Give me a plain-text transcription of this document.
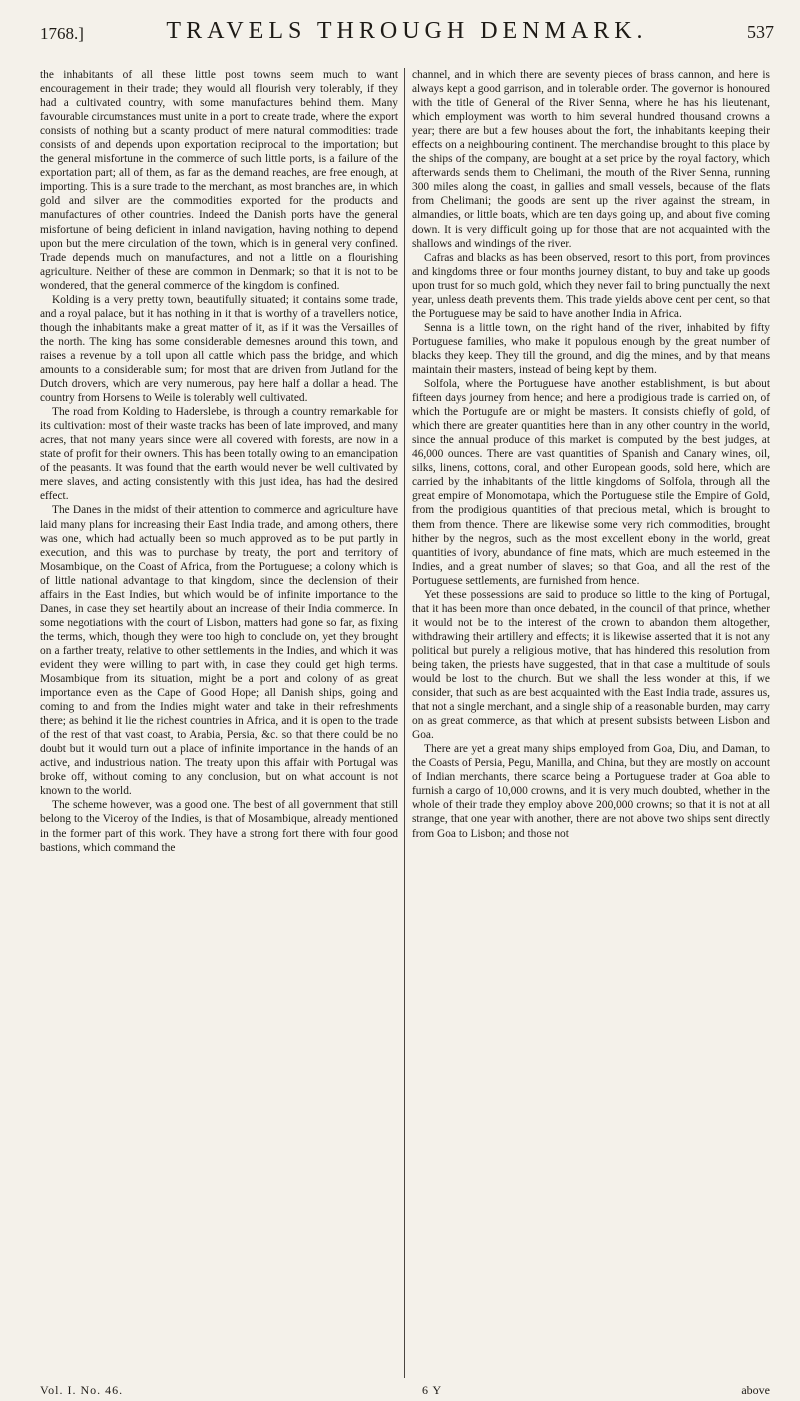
1768.]	TRAVELS THROUGH DENMARK.	537

the inhabitants of all these little post towns seem much to want encouragement in their trade; they would all flourish very tolerably, if they had a cultivated country, with some manufactures behind them. Many favourable circumstances must unite in a port to create trade, where the export consists of nothing but a scanty product of mere natural commodities: trade consists of and depends upon exportation reciprocal to the importation; but the general misfortune in the commerce of such little ports, is a failure of the exportation part; all of them, as far as the demand reaches, are free enough, at importing. This is a sure trade to the merchant, as most branches are, in which gold and silver are the commodities exported for the products and manufactures of other countries. Indeed the Danish ports have the general misfortune of being deficient in inland navigation, having nothing to depend upon but the mere circulation of the town, which is in general very confined. Trade depends much on manufactures, and not a little on a flourishing agriculture. Neither of these are common in Denmark; so that it is not to be wondered, that the general commerce of the kingdom is confined.

Kolding is a very pretty town, beautifully situated; it contains some trade, and a royal palace, but it has nothing in it that is worthy of a travellers notice, though the inhabitants make a great matter of it, as if it was the Versailles of the north. The king has some considerable demesnes around this town, and raises a revenue by a toll upon all cattle which pass the bridge, and which amounts to a considerable sum; for most that are driven from Jutland for the Dutch drovers, which are very numerous, pay here half a dollar a head. The country from Horsens to Weile is tolerably well cultivated.

The road from Kolding to Haderslebe, is through a country remarkable for its cultivation: most of their waste tracks has been of late improved, and many acres, that not many years since were all covered with forests, are now in a state of profit for their owners. This has been totally owing to an emancipation of the peasants. It was found that the earth would never be well cultivated by mere slaves, and acting consistently with this just idea, has had the desired effect.

The Danes in the midst of their attention to commerce and agriculture have laid many plans for increasing their East India trade, and among others, there was one, which had actually been so much approved as to be put partly in execution, and this was to purchase by treaty, the port and territory of Mosambique, on the Coast of Africa, from the Portuguese; a colony which is of little national advantage to that kingdom, since the declension of their affairs in the East Indies, but which would be of infinite importance to the Danes, in case they set heartily about an increase of their India commerce. In some negotiations with the court of Lisbon, matters had gone so far, as fixing the terms, which, though they were too high to conclude on, yet they brought on a farther treaty, relative to other settlements in the Indies, and which it was evident they were willing to part with, in case they could get high terms. Mosambique from its situation, might be a port and colony of as great importance even as the Cape of Good Hope; all Danish ships, going and coming to and from the Indies might water and take in their refreshments there; as behind it lie the richest countries in Africa, and it is open to the trade of the rest of that vast coast, to Arabia, Persia, &c. so that there could be no doubt but it would turn out a place of infinite importance in the hands of an active, and industrious nation. The treaty upon this affair with Portugal was broke off, without coming to any conclusion, but on what account is not known to the world.

The scheme however, was a good one. The best of all government that still belong to the Viceroy of the Indies, is that of Mosambique, already mentioned in the former part of this work. They have a strong fort there with four good bastions, which command the

channel, and in which there are seventy pieces of brass cannon, and here is always kept a good garrison, and in tolerable order. The governor is honoured with the title of General of the River Senna, where he has his lieutenant, which employment was worth to him several hundred thousand crowns a year; there are but a few houses about the fort, the inhabitants keeping their effects on a neighbouring continent. The merchandise brought to this place by the ships of the company, are bought at a set price by the royal factory, which afterwards sends them to Chelimani, the mouth of the River Senna, running 300 miles along the coast, in gallies and small vessels, because of the flats from Chelimani; the goods are sent up the river against the stream, in almandies, or little boats, which are ten days going up, and about five coming down. It is very difficult going up for those that are not acquainted with the shallows and windings of the river.

Cafras and blacks as has been observed, resort to this port, from provinces and kingdoms three or four months journey distant, to buy and take up goods upon trust for so much gold, which they never fail to bring punctually the next year, unless death prevents them. This trade yields above cent per cent, so that the Portuguese may be said to have another India in Africa.

Senna is a little town, on the right hand of the river, inhabited by fifty Portuguese families, who make it populous enough by the great number of blacks they keep. They till the ground, and dig the mines, and by that means maintain their masters, instead of being kept by them.

Solfola, where the Portuguese have another establishment, is but about fifteen days journey from hence; and here a prodigious trade is carried on, of which the Portugufe are or might be masters. It consists chiefly of gold, of which there are greater quantities here than in any other country in the world, since the annual produce of this market is computed by the best judges, at 46,000 ounces. There are vast quantities of Spanish and Canary wines, oil, silks, linens, cottons, coral, and other European goods, sold here, which are carried by the inhabitants of the little kingdoms of Solfola, through all the great empire of Monomotapa, which the Portuguese stile the Empire of Gold, from the prodigious quantities of that precious metal, which is brought to them from thence. There are likewise some very rich commodities, brought hither by the negros, such as the most excellent ebony in the world, great quantities of ivory, abundance of fine mats, which are much esteemed in the Indies, and a great number of slaves; so that Goa, and all the rest of the Portuguese settlements, are furnished from hence.

Yet these possessions are said to produce so little to the king of Portugal, that it has been more than once debated, in the council of that prince, whether it would not be to the interest of the crown to abandon them altogether, withdrawing their artillery and effects; it is likewise asserted that it is not any political but purely a religious motive, that has hindered this resolution from being taken, the priests have suggested, that in that case a multitude of souls would be lost to the church. But we shall the less wonder at this, if we consider, that such as are best acquainted with the East India trade, assures us, that not a single merchant, and a single ship of a reasonable burden, may carry on as great commerce, as that which at present subsists between Lisbon and Goa.

There are yet a great many ships employed from Goa, Diu, and Daman, to the Coasts of Persia, Pegu, Manilla, and China, but they are mostly on account of Indian merchants, there scarce being a Portuguese trader at Goa able to furnish a cargo of 10,000 crowns, and it is very much doubted, whether in the whole of their trade they employ above 200,000 crowns; so that it is not at all strange, that one year with another, there are not above two ships sent directly from Goa to Lisbon; and those not

Vol. I. No. 46.	6 Y	above
